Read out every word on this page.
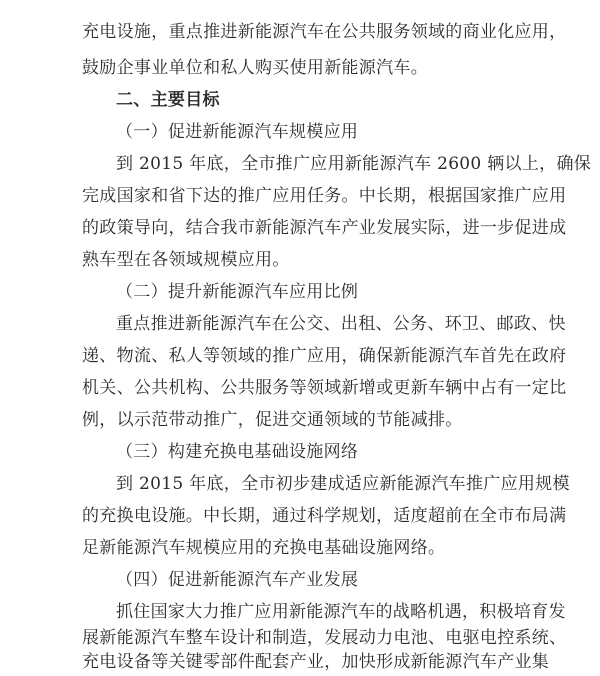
充电设施，重点推进新能源汽车在公共服务领域的商业化应用，
鼓励企事业单位和私人购买使用新能源汽车。
二、主要目标
（一）促进新能源汽车规模应用
到 2015 年底，全市推广应用新能源汽车 2600 辆以上，确保
完成国家和省下达的推广应用任务。中长期，根据国家推广应用
的政策导向，结合我市新能源汽车产业发展实际，进一步促进成
熟车型在各领域规模应用。
（二）提升新能源汽车应用比例
重点推进新能源汽车在公交、出租、公务、环卫、邮政、快
递、物流、私人等领域的推广应用，确保新能源汽车首先在政府
机关、公共机构、公共服务等领域新增或更新车辆中占有一定比
例，以示范带动推广，促进交通领域的节能减排。
（三）构建充换电基础设施网络
到 2015 年底，全市初步建成适应新能源汽车推广应用规模
的充换电设施。中长期，通过科学规划，适度超前在全市布局满
足新能源汽车规模应用的充换电基础设施网络。
（四）促进新能源汽车产业发展
抓住国家大力推广应用新能源汽车的战略机遇，积极培育发
展新能源汽车整车设计和制造，发展动力电池、电驱电控系统、
充电设备等关键零部件配套产业，加快形成新能源汽车产业集
